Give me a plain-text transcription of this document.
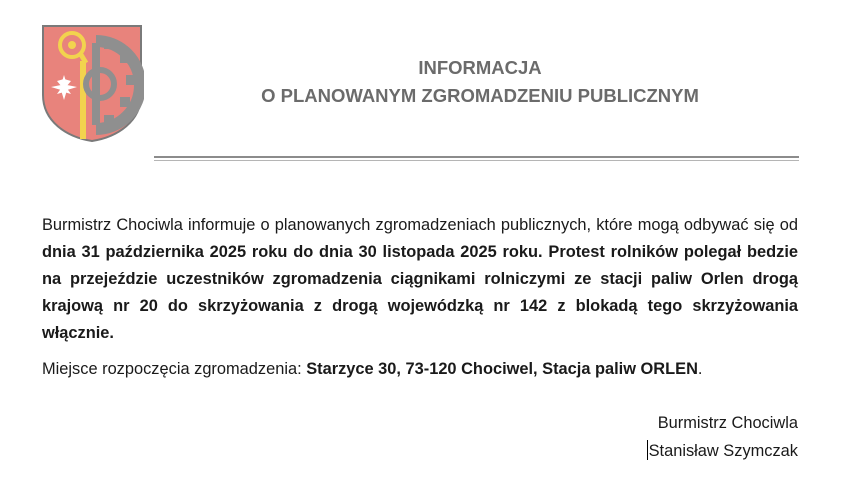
INFORMACJA
O PLANOWANYM ZGROMADZENIU PUBLICZNYM

Burmistrz Chociwla informuje o planowanych zgromadzeniach publicznych, które mogą odbywać się od dnia 31 października 2025 roku do dnia 30 listopada 2025 roku. Protest rolników polegał bedzie na przejeździe uczestników zgromadzenia ciągnikami rolniczymi ze stacji paliw Orlen drogą krajową nr 20 do skrzyżowania z drogą wojewódzką nr 142 z blokadą tego skrzyżowania włącznie.

Miejsce rozpoczęcia zgromadzenia: Starzyce 30, 73-120 Chociwel, Stacja paliw ORLEN.

Burmistrz Chociwla
Stanisław Szymczak
